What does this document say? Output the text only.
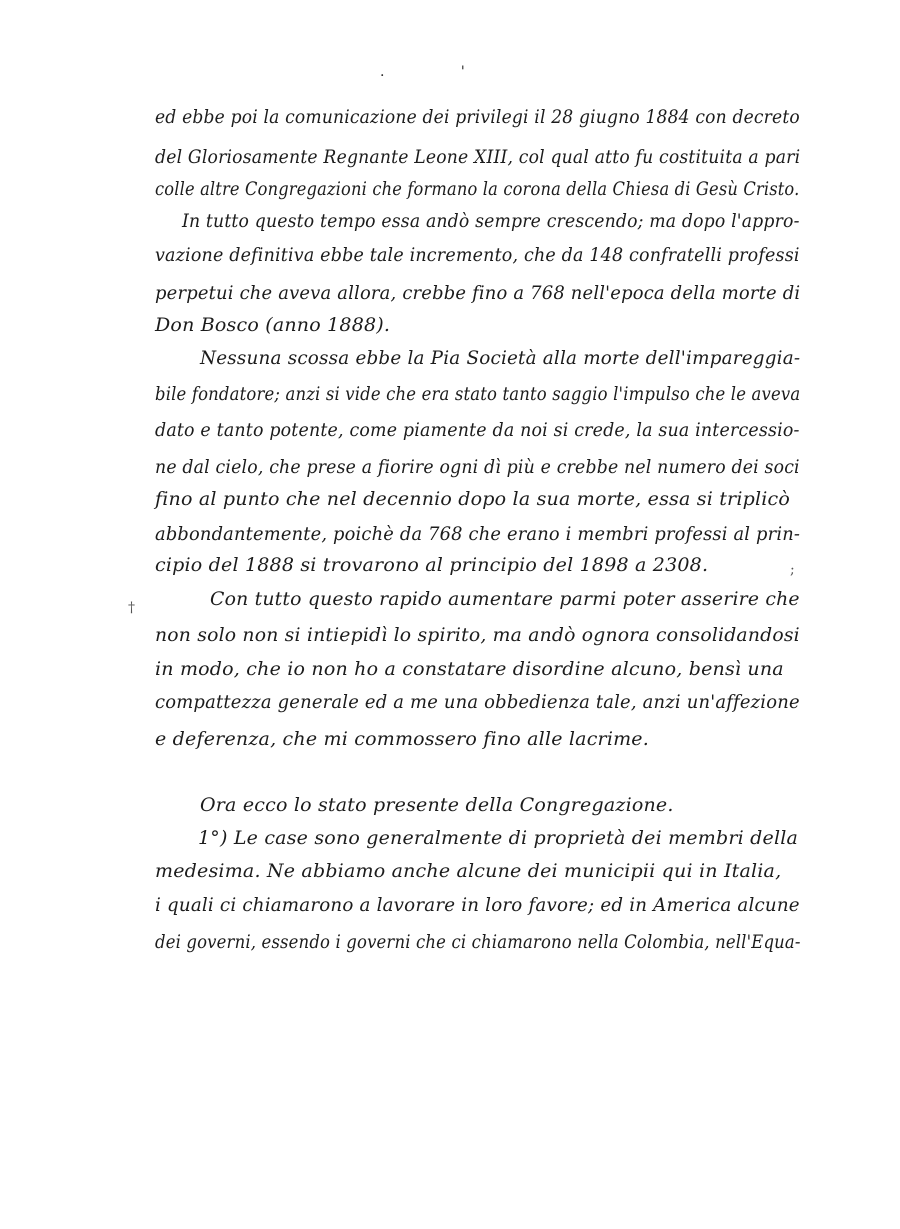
. '
†
;
ed ebbe poi la comunicazione dei privilegi il 28 giugno 1884 con decreto
del Gloriosamente Regnante Leone XIII, col qual atto fu costituita a pari
colle altre Congregazioni che formano la corona della Chiesa di Gesù Cristo.
In tutto questo tempo essa andò sempre crescendo; ma dopo l'appro-
vazione definitiva ebbe tale incremento, che da 148 confratelli professi
perpetui che aveva allora, crebbe fino a 768 nell'epoca della morte di
Don Bosco (anno 1888).
Nessuna scossa ebbe la Pia Società alla morte dell'impareggia-
bile fondatore; anzi si vide che era stato tanto saggio l'impulso che le aveva
dato e tanto potente, come piamente da noi si crede, la sua intercessio-
ne dal cielo, che prese a fiorire ogni dì più e crebbe nel numero dei soci
fino al punto che nel decennio dopo la sua morte, essa si triplicò
abbondantemente, poichè da 768 che erano i membri professi al prin-
cipio del 1888 si trovarono al principio del 1898 a 2308.
Con tutto questo rapido aumentare parmi poter asserire che
non solo non si intiepidì lo spirito, ma andò ognora consolidandosi
in modo, che io non ho a constatare disordine alcuno, bensì una
compattezza generale ed a me una obbedienza tale, anzi un'affezione
e deferenza, che mi commossero fino alle lacrime.
Ora ecco lo stato presente della Congregazione.
1°) Le case sono generalmente di proprietà dei membri della
medesima. Ne abbiamo anche alcune dei municipii qui in Italia,
i quali ci chiamarono a lavorare in loro favore; ed in America alcune
dei governi, essendo i governi che ci chiamarono nella Colombia, nell'Equa-
